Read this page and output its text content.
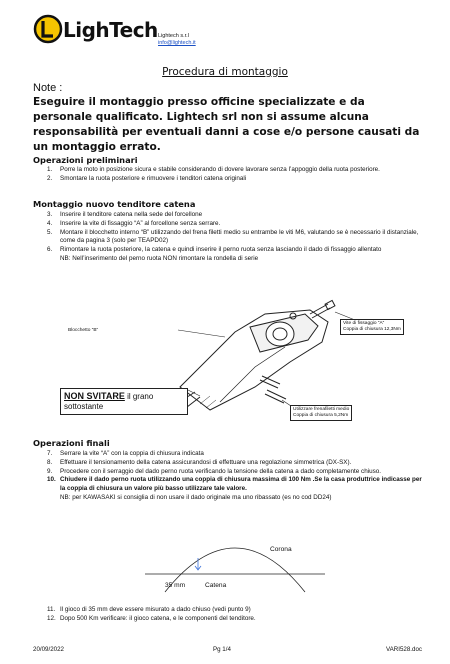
LighTech Lightech s.r.l
info@lightech.it
Procedura di montaggio
Note :
Eseguire il montaggio presso officine specializzate e da personale qualificato. Lightech srl non si assume alcuna responsabilità per eventuali danni a cose e/o persone causati da un montaggio errato.
Operazioni preliminari
1.	Porre la moto in posizione sicura e stabile considerando di dovere lavorare senza l’appoggio della ruota posteriore.
2.	Smontare la ruota posteriore e rimuovere i tenditori catena originali
Montaggio nuovo tenditore catena
3.	Inserire il tenditore catena nella sede del forcellone
4.	Inserire la vite di fissaggio “A” al forcellone senza serrare.
5.	Montare il blocchetto interno “B” utilizzando del frena filetti medio su entrambe le viti M6, valutando se è necessario il distanziale, come da pagina 3 (solo per TEAPD02)
6.	Rimontare la ruota posteriore, la catena e quindi inserire il perno ruota senza lasciando il dado di fissaggio allentato
NB: Nell’inserimento del perno ruota NON rimontare la rondella di serie
Blocchetto “B”
Vite di fissaggio “A”
Coppia di chiusura 12,3Nm
Utilizzare frenafiletti medio
Coppia di chiusura 5,2Nm
NON SVITARE il grano
sottostante
Operazioni finali
7.	Serrare la vite “A” con la coppia di chiusura indicata
8.	Effettuare il tensionamento della catena assicurandosi di effettuare una regolazione simmetrica (DX-SX).
9.	Procedere con il serraggio del dado perno ruota verificando la tensione della catena a dado completamente chiuso.
10. Chiudere il dado perno ruota utilizzando una coppia di chiusura massima di 100 Nm .Se la casa produttrice indicasse per la coppia di chiusura un valore più basso utilizzare tale valore.
NB: per KAWASAKI si consiglia di non usare il dado originale ma uno ribassato (es no cod DD24)
Corona
35 mm	Catena
11. Il gioco di 35 mm deve essere misurato a dado chiuso (vedi punto 9)
12. Dopo 500 Km verificare: il gioco catena, e le componenti del tenditore.
20/09/2022	Pg 1/4	VARI528.doc
